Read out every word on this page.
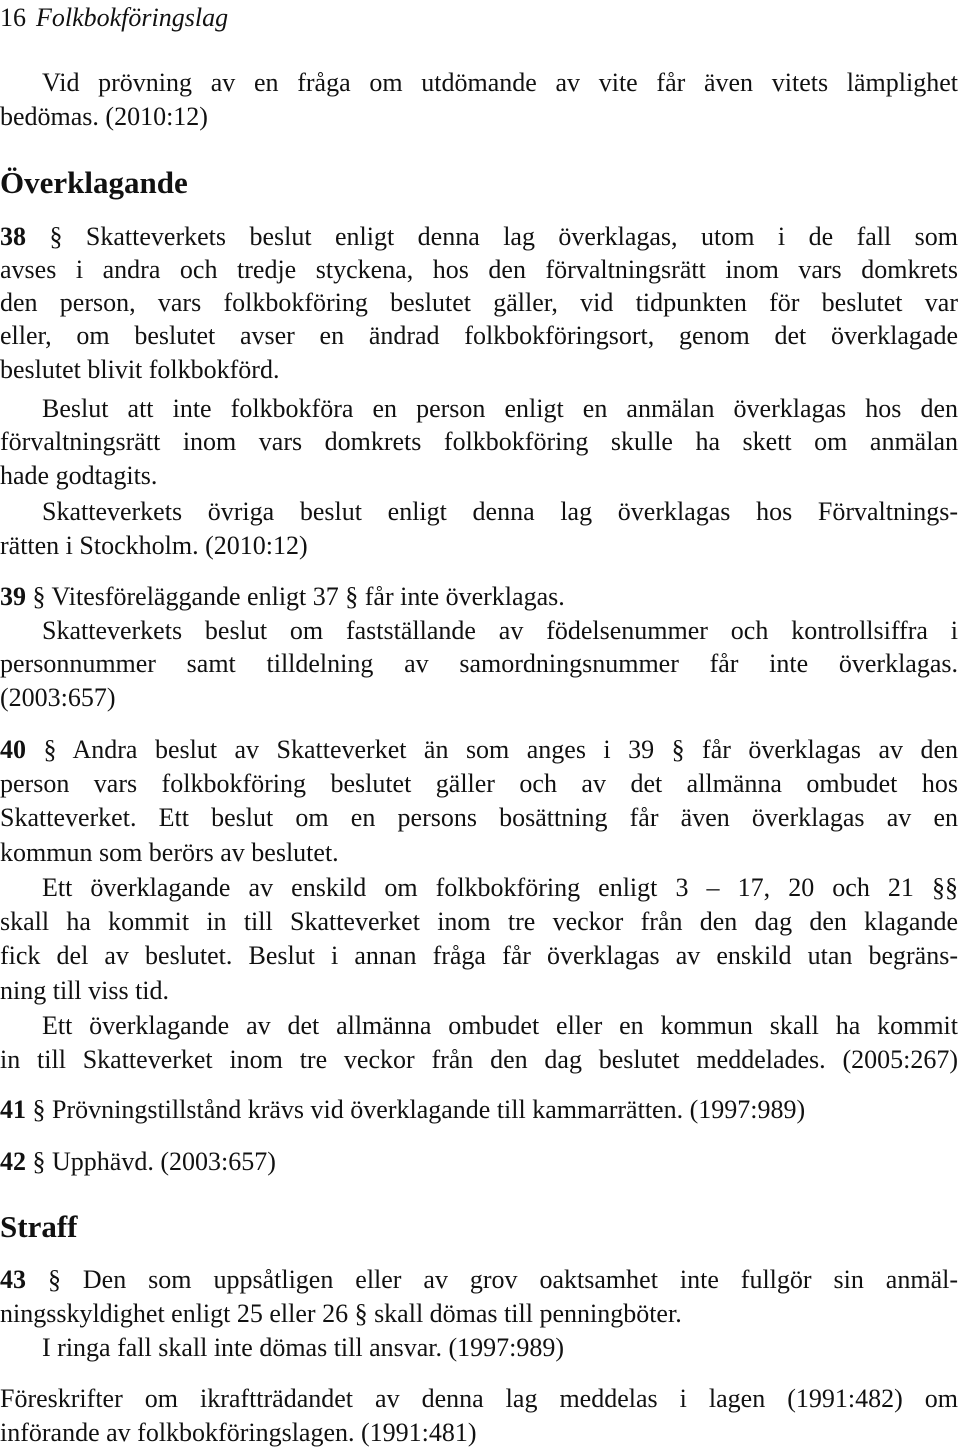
16 Folkbokföringslag
Vid prövning av en fråga om utdömande av vite får även vitets lämplighet
bedömas. (2010:12)
Överklagande
38 § Skatteverkets beslut enligt denna lag överklagas, utom i de fall som
avses i andra och tredje styckena, hos den förvaltningsrätt inom vars domkrets
den person, vars folkbokföring beslutet gäller, vid tidpunkten för beslutet var
eller, om beslutet avser en ändrad folkbokföringsort, genom det överklagade
beslutet blivit folkbokförd.
Beslut att inte folkbokföra en person enligt en anmälan överklagas hos den
förvaltningsrätt inom vars domkrets folkbokföring skulle ha skett om anmälan
hade godtagits.
Skatteverkets övriga beslut enligt denna lag överklagas hos Förvaltnings-
rätten i Stockholm. (2010:12)
39 § Vitesföreläggande enligt 37 § får inte överklagas.
Skatteverkets beslut om fastställande av födelsenummer och kontrollsiffra i
personnummer samt tilldelning av samordningsnummer får inte överklagas.
(2003:657)
40 § Andra beslut av Skatteverket än som anges i 39 § får överklagas av den
person vars folkbokföring beslutet gäller och av det allmänna ombudet hos
Skatteverket. Ett beslut om en persons bosättning får även överklagas av en
kommun som berörs av beslutet.
Ett överklagande av enskild om folkbokföring enligt 3 – 17, 20 och 21 §§
skall ha kommit in till Skatteverket inom tre veckor från den dag den klagande
fick del av beslutet. Beslut i annan fråga får överklagas av enskild utan begräns-
ning till viss tid.
Ett överklagande av det allmänna ombudet eller en kommun skall ha kommit
in till Skatteverket inom tre veckor från den dag beslutet meddelades. (2005:267)
41 § Prövningstillstånd krävs vid överklagande till kammarrätten. (1997:989)
42 § Upphävd. (2003:657)
Straff
43 § Den som uppsåtligen eller av grov oaktsamhet inte fullgör sin anmäl-
ningsskyldighet enligt 25 eller 26 § skall dömas till penningböter.
I ringa fall skall inte dömas till ansvar. (1997:989)
Föreskrifter om ikraftträdandet av denna lag meddelas i lagen (1991:482) om
införande av folkbokföringslagen. (1991:481)
